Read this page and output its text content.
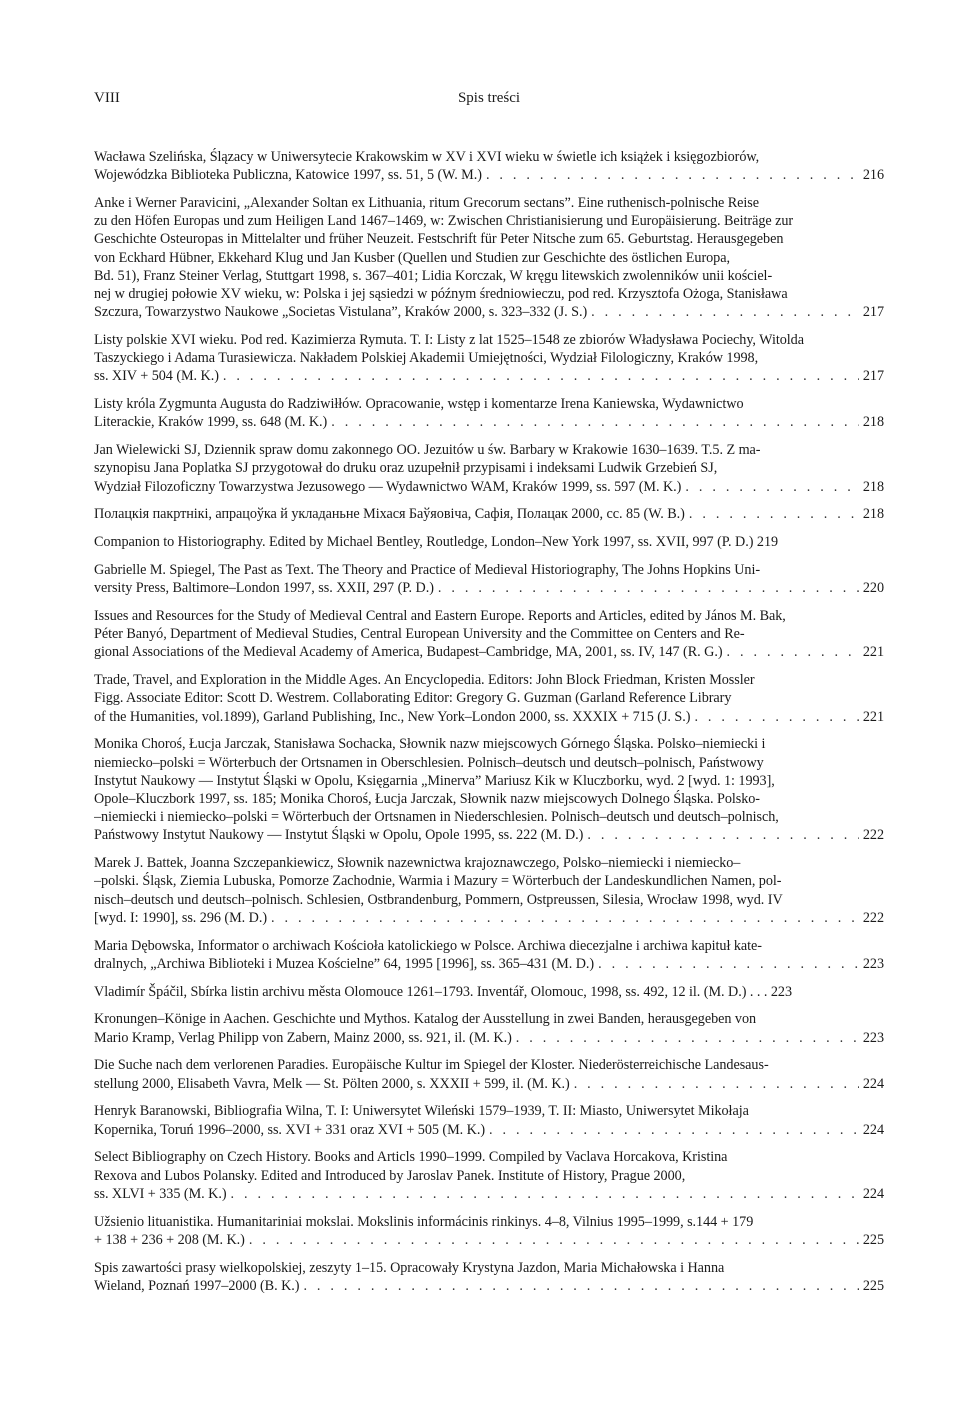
VIII	Spis treści
Wacława Szelińska, Ślązacy w Uniwersytecie Krakowskim w XV i XVI wieku w świetle ich książek i księgozbiorów,
Wojewódzka Biblioteka Publiczna, Katowice 1997, ss. 51, 5 (W. M.) . . .	216
Anke i Werner Paravicini, „Alexander Soltan ex Lithuania, ritum Grecorum sectans”. Eine ruthenisch-polnische Reise
zu den Höfen Europas und zum Heiligen Land 1467–1469, w: Zwischen Christianisierung und Europäisierung. Beiträge zur
Geschichte Osteuropas in Mittelalter und früher Neuzeit. Festschrift für Peter Nitsche zum 65. Geburtstag. Herausgegeben
von Eckhard Hübner, Ekkehard Klug und Jan Kusber (Quellen und Studien zur Geschichte des östlichen Europa,
Bd. 51), Franz Steiner Verlag, Stuttgart 1998, s. 367–401; Lidia Korczak, W kręgu litewskich zwolenników unii kościel-
nej w drugiej połowie XV wieku, w: Polska i jej sąsiedzi w późnym średniowieczu, pod red. Krzysztofa Ożoga, Stanisława
Szczura, Towarzystwo Naukowe „Societas Vistulana”, Kraków 2000, s. 323–332 (J. S.) . . .	217
Listy polskie XVI wieku. Pod red. Kazimierza Rymuta. T. I: Listy z lat 1525–1548 ze zbiorów Władysława Pociechy, Witolda
Taszyckiego i Adama Turasiewicza. Nakładem Polskiej Akademii Umiejętności, Wydział Filologiczny, Kraków 1998,
ss. XIV + 504 (M. K.) . . .	217
Listy króla Zygmunta Augusta do Radziwiłłów. Opracowanie, wstęp i komentarze Irena Kaniewska, Wydawnictwo
Literackie, Kraków 1999, ss. 648 (M. K.) . . .	218
Jan Wielewicki SJ, Dziennik spraw domu zakonnego OO. Jezuitów u św. Barbary w Krakowie 1630–1639. T.5. Z ma-
szynopisu Jana Poplatka SJ przygotował do druku oraz uzupełnił przypisami i indeksami Ludwik Grzebień SJ,
Wydział Filozoficzny Towarzystwa Jezusowego — Wydawnictwo WAM, Kraków 1999, ss. 597 (M. K.) . . .	218
Полацкiя пакртнiкi, апрацоўка й укладаньне Міхася Баўяовіча, Сафія, Полацак 2000, сс. 85 (W. B.) . . .	218
Companion to Historiography. Edited by Michael Bentley, Routledge, London–New York 1997, ss. XVII, 997 (P. D.) 219
Gabrielle M. Spiegel, The Past as Text. The Theory and Practice of Medieval Historiography, The Johns Hopkins Uni-
versity Press, Baltimore–London 1997, ss. XXII, 297 (P. D.) . . .	220
Issues and Resources for the Study of Medieval Central and Eastern Europe. Reports and Articles, edited by János M. Bak,
Péter Banyó, Department of Medieval Studies, Central European University and the Committee on Centers and Re-
gional Associations of the Medieval Academy of America, Budapest–Cambridge, MA, 2001, ss. IV, 147 (R. G.) . . .	221
Trade, Travel, and Exploration in the Middle Ages. An Encyclopedia. Editors: John Block Friedman, Kristen Mossler
Figg. Associate Editor: Scott D. Westrem. Collaborating Editor: Gregory G. Guzman (Garland Reference Library
of the Humanities, vol.1899), Garland Publishing, Inc., New York–London 2000, ss. XXXIX + 715 (J. S.) . . .	221
Monika Choroś, Łucja Jarczak, Stanisława Sochacka, Słownik nazw miejscowych Górnego Śląska. Polsko–niemiecki i
niemiecko–polski = Wörterbuch der Ortsnamen in Oberschlesien. Polnisch–deutsch und deutsch–polnisch, Państwowy
Instytut Naukowy — Instytut Śląski w Opolu, Księgarnia „Minerva” Mariusz Kik w Kluczborku, wyd. 2 [wyd. 1: 1993],
Opole–Kluczbork 1997, ss. 185; Monika Choroś, Łucja Jarczak, Słownik nazw miejscowych Dolnego Śląska. Polsko-
–niemiecki i niemiecko–polski = Wörterbuch der Ortsnamen in Niederschlesien. Polnisch–deutsch und deutsch–polnisch,
Państwowy Instytut Naukowy — Instytut Śląski w Opolu, Opole 1995, ss. 222 (M. D.) . . .	222
Marek J. Battek, Joanna Szczepankiewicz, Słownik nazewnictwa krajoznawczego, Polsko–niemiecki i niemiecko–
–polski. Śląsk, Ziemia Lubuska, Pomorze Zachodnie, Warmia i Mazury = Wörterbuch der Landeskundlichen Namen, pol-
nisch–deutsch und deutsch–polnisch. Schlesien, Ostbrandenburg, Pommern, Ostpreussen, Silesia, Wrocław 1998, wyd. IV
[wyd. I: 1990], ss. 296 (M. D.) . . .	222
Maria Dębowska, Informator o archiwach Kościoła katolickiego w Polsce. Archiwa diecezjalne i archiwa kapituł kate-
dralnych, „Archiwa Biblioteki i Muzea Kościelne” 64, 1995 [1996], ss. 365–431 (M. D.) . . .	223
Vladimír Špáčil, Sbírka listin archivu města Olomouce 1261–1793. Inventář, Olomouc, 1998, ss. 492, 12 il. (M. D.) . . . 223
Kronungen–Könige in Aachen. Geschichte und Mythos. Katalog der Ausstellung in zwei Banden, herausgegeben von
Mario Kramp, Verlag Philipp von Zabern, Mainz 2000, ss. 921, il. (M. K.) . . .	223
Die Suche nach dem verlorenen Paradies. Europäische Kultur im Spiegel der Kloster. Niederösterreichische Landesaus-
stellung 2000, Elisabeth Vavra, Melk — St. Pölten 2000, s. XXXII + 599, il. (M. K.) . . .	224
Henryk Baranowski, Bibliografia Wilna, T. I: Uniwersytet Wileński 1579–1939, T. II: Miasto, Uniwersytet Mikołaja
Kopernika, Toruń 1996–2000, ss. XVI + 331 oraz XVI + 505 (M. K.) . . .	224
Select Bibliography on Czech History. Books and Articls 1990–1999. Compiled by Vaclava Horcakova, Kristina
Rexova and Lubos Polansky. Edited and Introduced by Jaroslav Panek. Institute of History, Prague 2000,
ss. XLVI + 335 (M. K.) . . .	224
Užsienio lituanistika. Humanitariniai mokslai. Mokslinis informácinis rinkinys. 4–8, Vilnius 1995–1999, s.144 + 179
+ 138 + 236 + 208 (M. K.) . . .	225
Spis zawartości prasy wielkopolskiej, zeszyty 1–15. Opracowały Krystyna Jazdon, Maria Michałowska i Hanna
Wieland, Poznań 1997–2000 (B. K.) . . .	225
